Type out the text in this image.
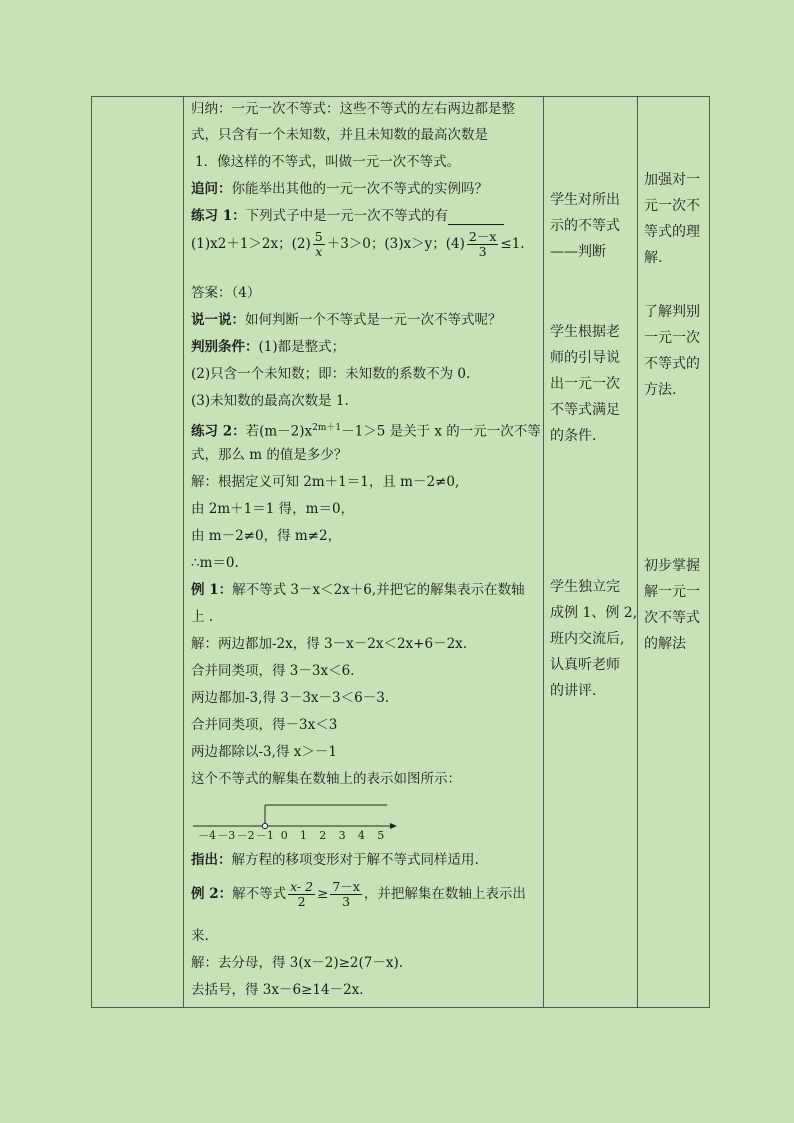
归纳：一元一次不等式：这些不等式的左右两边都是整
式，只含有一个未知数，并且未知数的最高次数是
1．像这样的不等式，叫做一元一次不等式。
追问：你能举出其他的一元一次不等式的实例吗？
练习 1：下列式子中是一元一次不等式的有
(1)x2＋1＞2x；$(2) \frac{5}{x} +3>0$；(3)x＞y；$(4) \frac{2-x}{3} \le 1$.
答案：（4）
说一说：如何判断一个不等式是一元一次不等式呢？
判别条件：(1)都是整式；
(2)只含一个未知数；即：未知数的系数不为 0.
(3)未知数的最高次数是 1.
练习 2：若$(m-2)x^{2m+1}-1>5$ 是关于 x 的一元一次不等
式，那么 m 的值是多少？
解：根据定义可知 2m＋1＝1，且 m－2≠0,
由 2m＋1＝1 得，m＝0，
由 m－2≠0，得 m≠2，
∴m＝0.
例 1：解不等式 3－x＜2x＋6,并把它的解集表示在数轴
上 .
解：两边都加-2x，得 3－x－2x＜2x+6－2x.
合并同类项，得 3－3x＜6.
两边都加-3,得 3－3x－3＜6－3.
合并同类项，得－3x＜3
两边都除以-3,得 x＞－1
这个不等式的解集在数轴上的表示如图所示：
－4 －3 －2 －1 0 1 2 3 4 5
指出：解方程的移项变形对于解不等式同样适用.
例 2：解不等式 $\frac{x- 2}{2} \ge \frac{7-x}{3}$ ，并把解集在数轴上表示出
来.
解：去分母，得 3(x－2)≥2(7－x).
去括号，得 3x－6≥14－2x.
学生对所出
示的不等式
——判断
学生根据老
师的引导说
出一元一次
不等式满足
的条件.
学生独立完
成例 1、例 2,
班内交流后,
认真听老师
的讲评.
加强对一
元一次不
等式的理
解.
了解判别
一元一次
不等式的
方法.
初步掌握
解一元一
次不等式
的解法
